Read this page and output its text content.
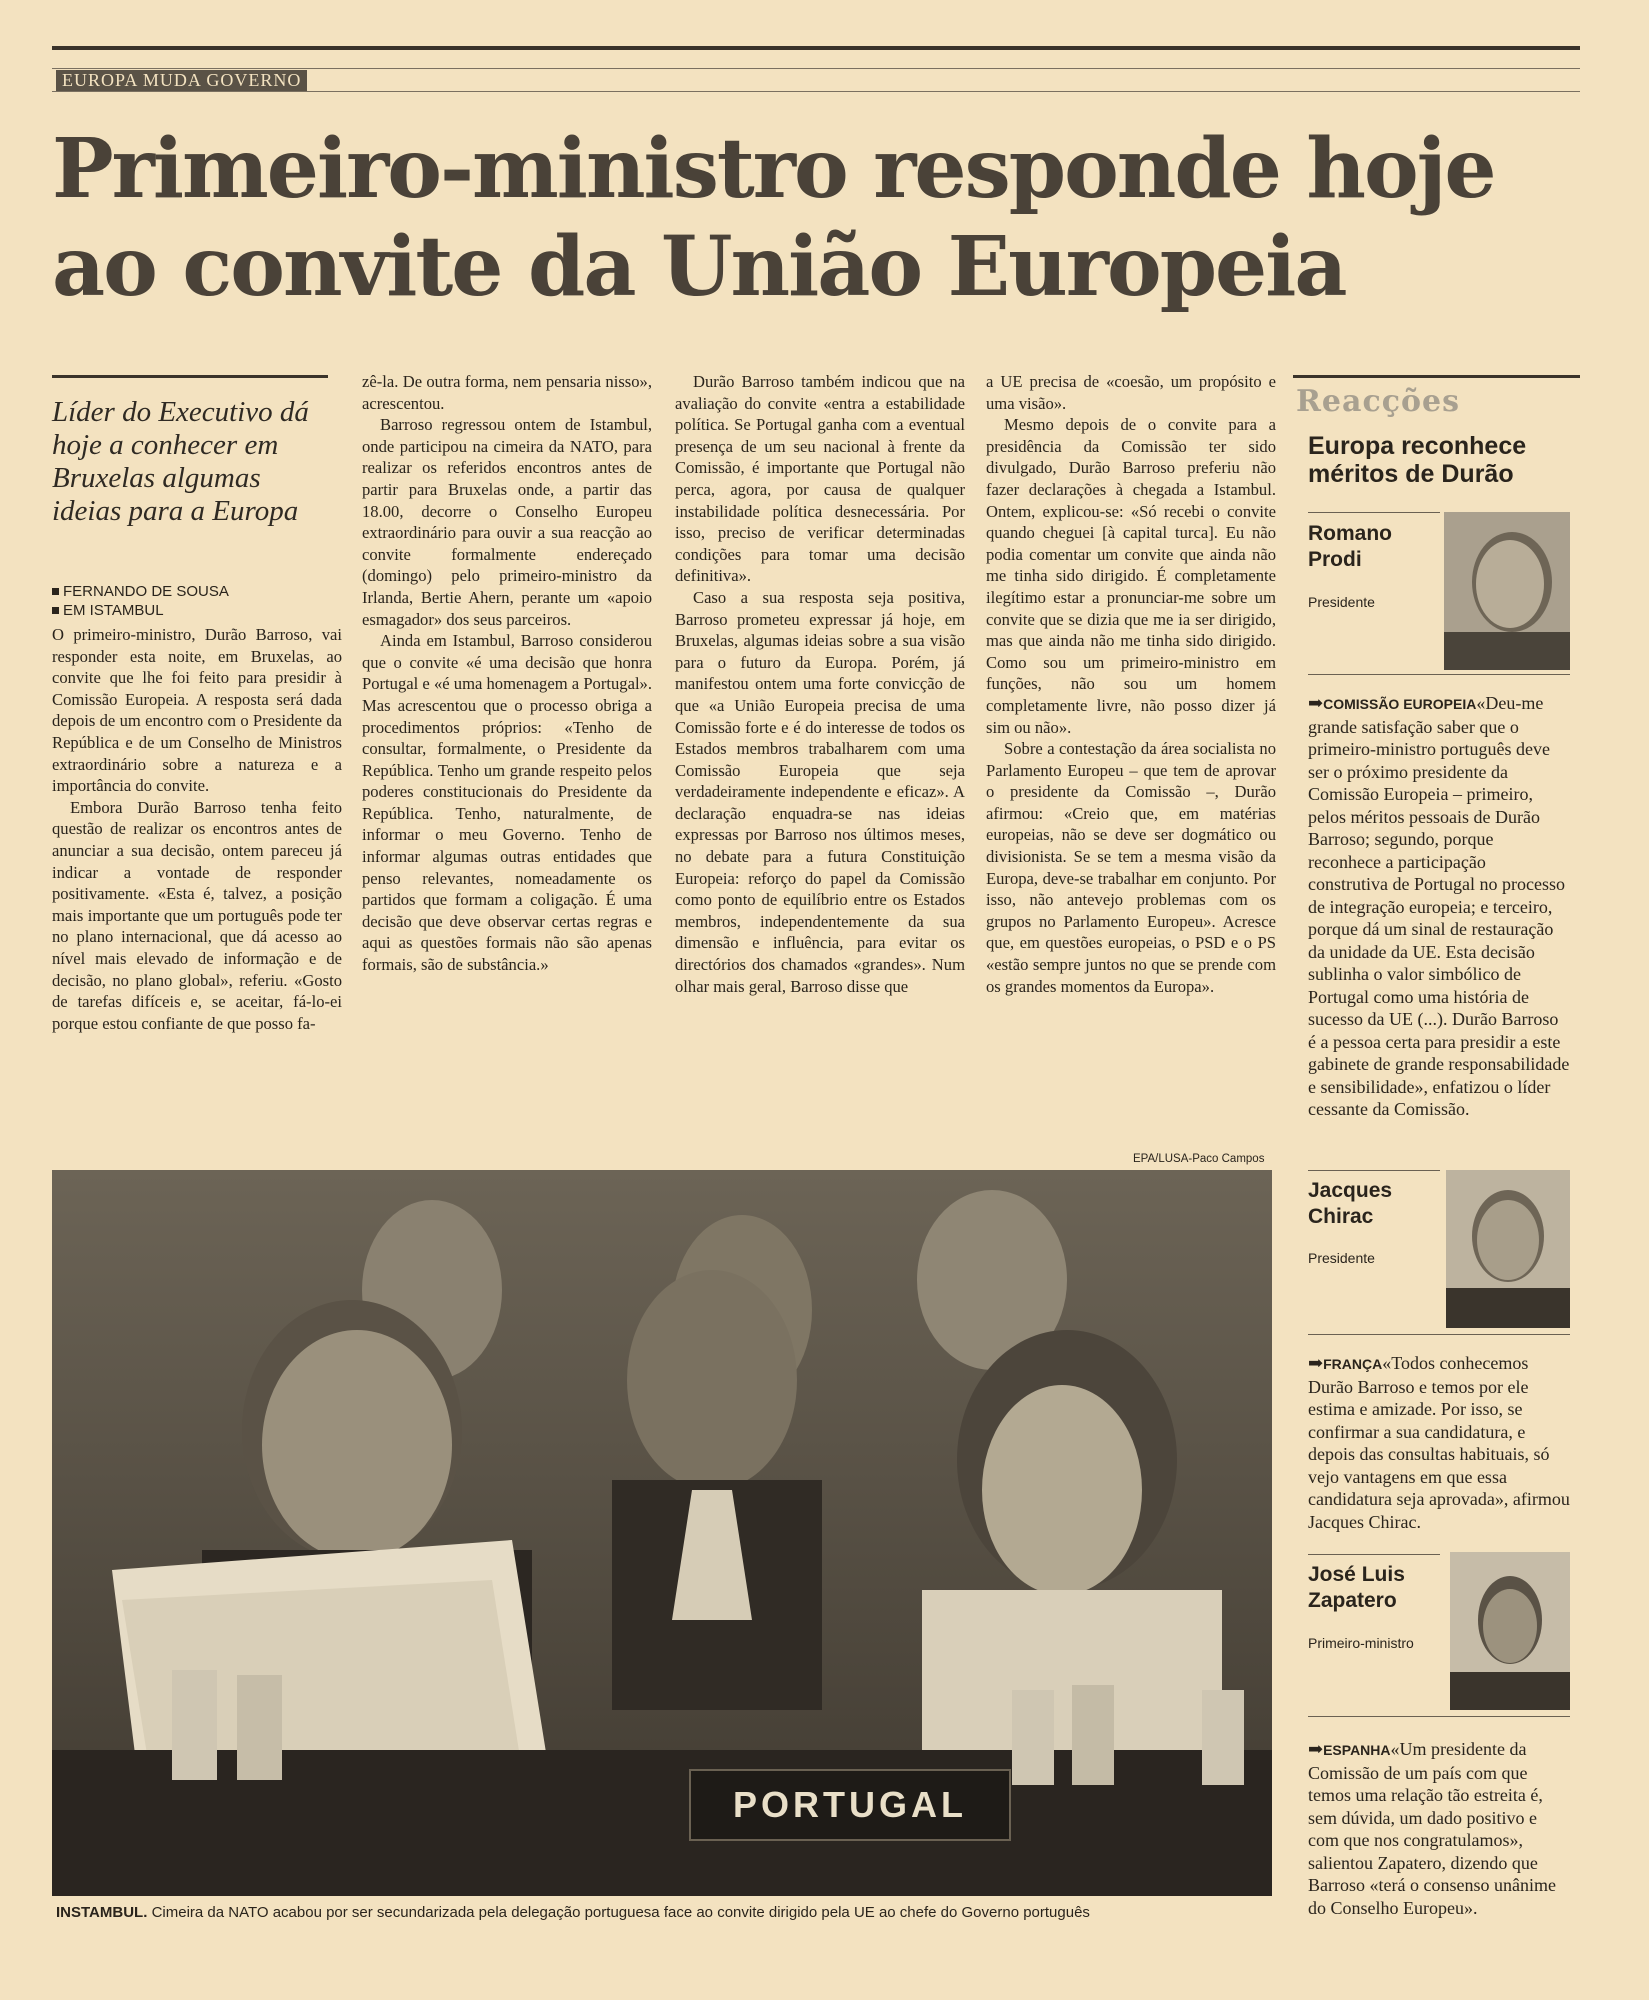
EUROPA MUDA GOVERNO
Primeiro-ministro responde hoje ao convite da União Europeia
Líder do Executivo dá hoje a conhecer em Bruxelas algumas ideias para a Europa
FERNANDO DE SOUSA
EM ISTAMBUL

O primeiro-ministro, Durão Barroso, vai responder esta noite, em Bruxelas, ao convite que lhe foi feito para presidir à Comissão Europeia. A resposta será dada depois de um encontro com o Presidente da República e de um Conselho de Ministros extraordinário sobre a natureza e a importância do convite.

Embora Durão Barroso tenha feito questão de realizar os encontros antes de anunciar a sua decisão, ontem pareceu já indicar a vontade de responder positivamente. «Esta é, talvez, a posição mais importante que um português pode ter no plano internacional, que dá acesso ao nível mais elevado de informação e de decisão, no plano global», referiu. «Gosto de tarefas difíceis e, se aceitar, fá-lo-ei porque estou confiante de que posso fa-

zê-la. De outra forma, nem pensaria nisso», acrescentou.

Barroso regressou ontem de Istambul, onde participou na cimeira da NATO, para realizar os referidos encontros antes de partir para Bruxelas onde, a partir das 18.00, decorre o Conselho Europeu extraordinário para ouvir a sua reacção ao convite formalmente endereçado (domingo) pelo primeiro-ministro da Irlanda, Bertie Ahern, perante um «apoio esmagador» dos seus parceiros.

Ainda em Istambul, Barroso considerou que o convite «é uma decisão que honra Portugal e «é uma homenagem a Portugal». Mas acrescentou que o processo obriga a procedimentos próprios: «Tenho de consultar, formalmente, o Presidente da República. Tenho um grande respeito pelos poderes constitucionais do Presidente da República. Tenho, naturalmente, de informar o meu Governo. Tenho de informar algumas outras entidades que penso relevantes, nomeadamente os partidos que formam a coligação. É uma decisão que deve observar certas regras e aqui as questões formais não são apenas formais, são de substância.»

Durão Barroso também indicou que na avaliação do convite «entra a estabilidade política. Se Portugal ganha com a eventual presença de um seu nacional à frente da Comissão, é importante que Portugal não perca, agora, por causa de qualquer instabilidade política desnecessária. Por isso, preciso de verificar determinadas condições para tomar uma decisão definitiva».

Caso a sua resposta seja positiva, Barroso prometeu expressar já hoje, em Bruxelas, algumas ideias sobre a sua visão para o futuro da Europa. Porém, já manifestou ontem uma forte convicção de que «a União Europeia precisa de uma Comissão forte e é do interesse de todos os Estados membros trabalharem com uma Comissão Europeia que seja verdadeiramente independente e eficaz». A declaração enquadra-se nas ideias expressas por Barroso nos últimos meses, no debate para a futura Constituição Europeia: reforço do papel da Comissão como ponto de equilíbrio entre os Estados membros, independentemente da sua dimensão e influência, para evitar os directórios dos chamados «grandes». Num olhar mais geral, Barroso disse que

a UE precisa de «coesão, um propósito e uma visão».

Mesmo depois de o convite para a presidência da Comissão ter sido divulgado, Durão Barroso preferiu não fazer declarações à chegada a Istambul. Ontem, explicou-se: «Só recebi o convite quando cheguei [à capital turca]. Eu não podia comentar um convite que ainda não me tinha sido dirigido. É completamente ilegítimo estar a pronunciar-me sobre um convite que se dizia que me ia ser dirigido, mas que ainda não me tinha sido dirigido. Como sou um primeiro-ministro em funções, não sou um homem completamente livre, não posso dizer já sim ou não».

Sobre a contestação da área socialista no Parlamento Europeu – que tem de aprovar o presidente da Comissão –, Durão afirmou: «Creio que, em matérias europeias, não se deve ser dogmático ou divisionista. Se se tem a mesma visão da Europa, deve-se trabalhar em conjunto. Por isso, não antevejo problemas com os grupos no Parlamento Europeu». Acresce que, em questões europeias, o PSD e o PS «estão sempre juntos no que se prende com os grandes momentos da Europa».

Reacções
Europa reconhece méritos de Durão
Romano
Prodi
Presidente
➡COMISSÃO EUROPEIA«Deu-me grande satisfação saber que o primeiro-ministro português deve ser o próximo presidente da Comissão Europeia – primeiro, pelos méritos pessoais de Durão Barroso; segundo, porque reconhece a participação construtiva de Portugal no processo de integração europeia; e terceiro, porque dá um sinal de restauração da unidade da UE. Esta decisão sublinha o valor simbólico de Portugal como uma história de sucesso da UE (...). Durão Barroso é a pessoa certa para presidir a este gabinete de grande responsabilidade e sensibilidade», enfatizou o líder cessante da Comissão.
Jacques
Chirac
Presidente
➡FRANÇA«Todos conhecemos Durão Barroso e temos por ele estima e amizade. Por isso, se confirmar a sua candidatura, e depois das consultas habituais, só vejo vantagens em que essa candidatura seja aprovada», afirmou Jacques Chirac.
José Luis
Zapatero
Primeiro-ministro
➡ESPANHA«Um presidente da Comissão de um país com que temos uma relação tão estreita é, sem dúvida, um dado positivo e com que nos congratulamos», salientou Zapatero, dizendo que Barroso «terá o consenso unânime do Conselho Europeu».
EPA/LUSA-Paco Campos
PORTUGAL
INSTAMBUL. Cimeira da NATO acabou por ser secundarizada pela delegação portuguesa face ao convite dirigido pela UE ao chefe do Governo português
